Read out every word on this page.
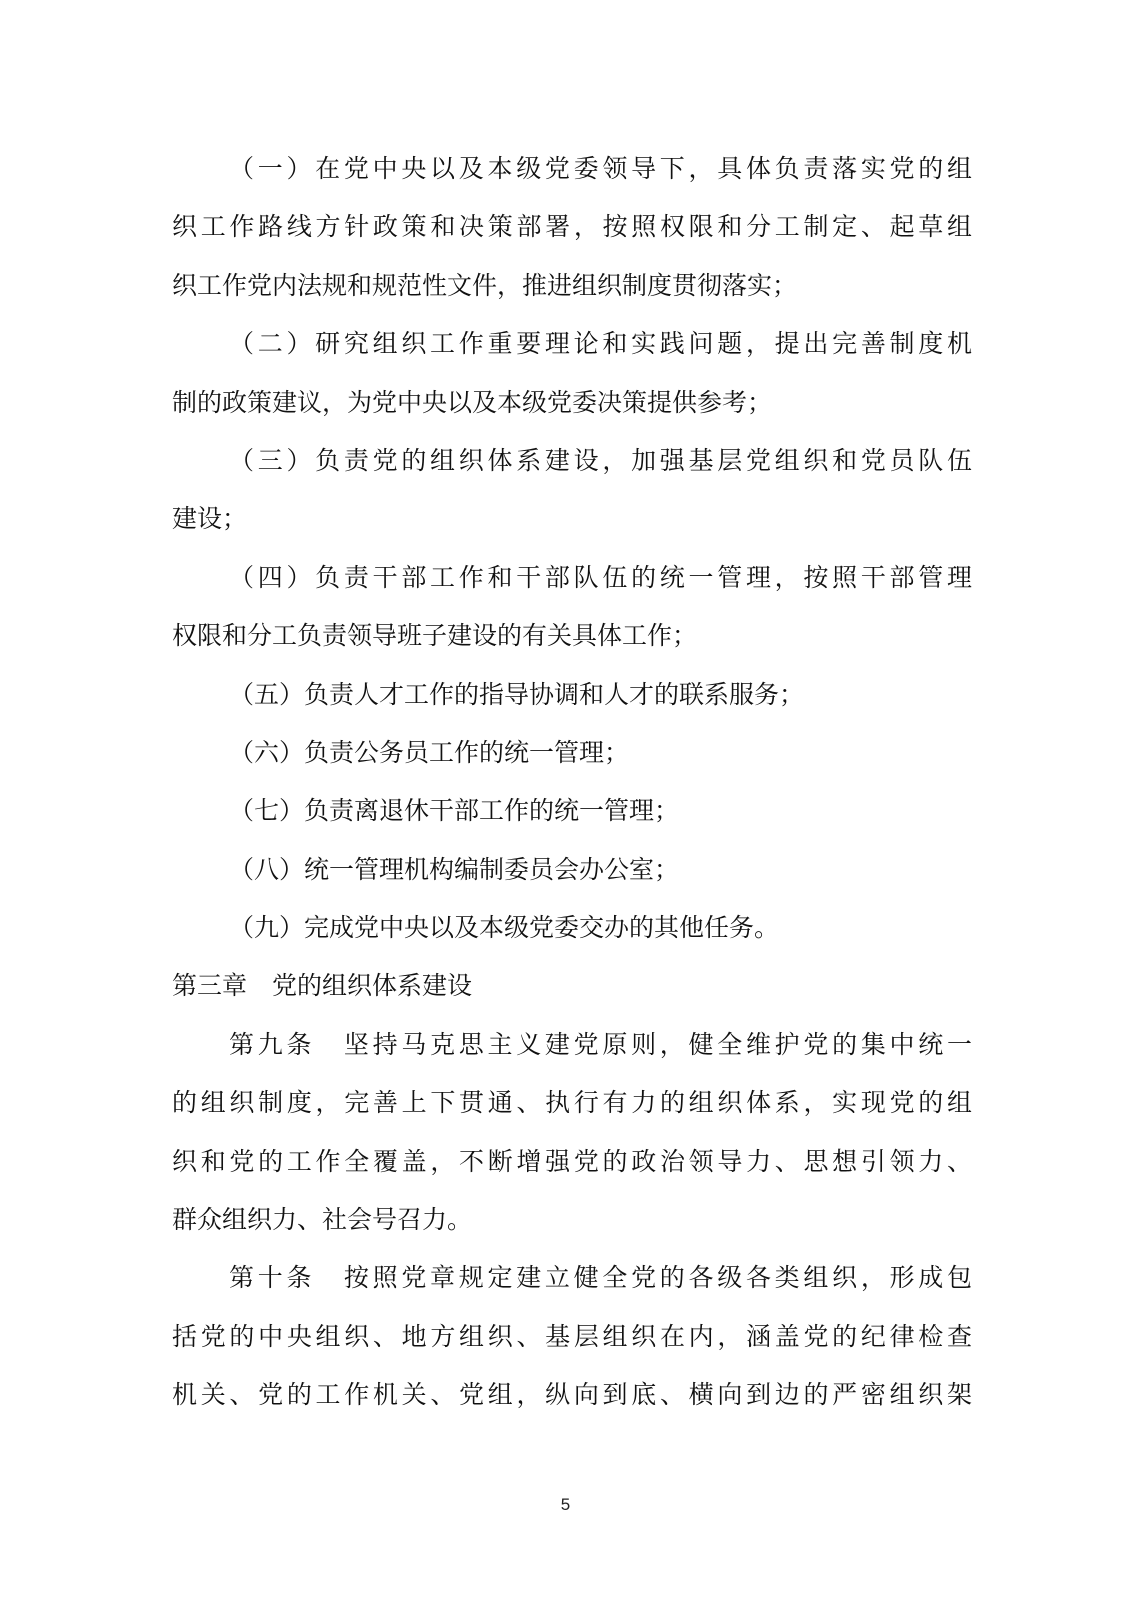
（一）在党中央以及本级党委领导下，具体负责落实党的组
织工作路线方针政策和决策部署，按照权限和分工制定、起草组
织工作党内法规和规范性文件，推进组织制度贯彻落实；
（二）研究组织工作重要理论和实践问题，提出完善制度机
制的政策建议，为党中央以及本级党委决策提供参考；
（三）负责党的组织体系建设，加强基层党组织和党员队伍
建设；
（四）负责干部工作和干部队伍的统一管理，按照干部管理
权限和分工负责领导班子建设的有关具体工作；
（五）负责人才工作的指导协调和人才的联系服务；
（六）负责公务员工作的统一管理；
（七）负责离退休干部工作的统一管理；
（八）统一管理机构编制委员会办公室；
（九）完成党中央以及本级党委交办的其他任务。
第三章　党的组织体系建设
第九条　坚持马克思主义建党原则，健全维护党的集中统一
的组织制度，完善上下贯通、执行有力的组织体系，实现党的组
织和党的工作全覆盖，不断增强党的政治领导力、思想引领力、
群众组织力、社会号召力。
第十条　按照党章规定建立健全党的各级各类组织，形成包
括党的中央组织、地方组织、基层组织在内，涵盖党的纪律检查
机关、党的工作机关、党组，纵向到底、横向到边的严密组织架
5
